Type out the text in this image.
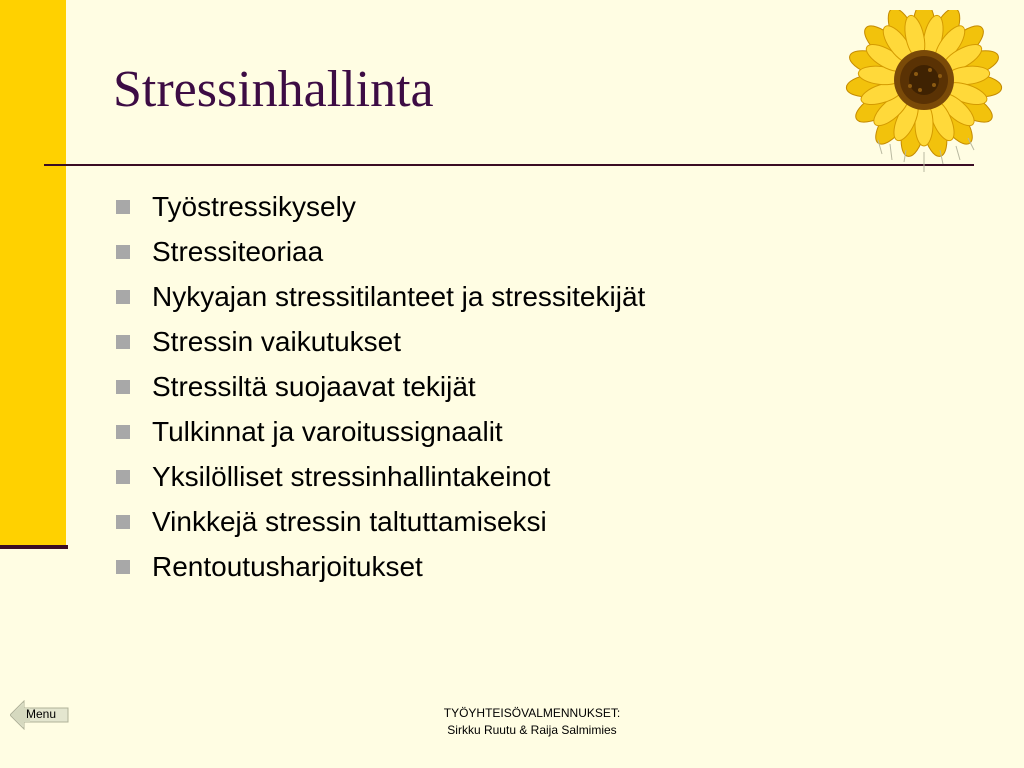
Stressinhallinta
Työstressikysely
Stressiteoriaa
Nykyajan stressitilanteet ja stressitekijät
Stressin vaikutukset
Stressiltä suojaavat tekijät
Tulkinnat ja varoitussignaalit
Yksilölliset stressinhallintakeinot
Vinkkejä stressin taltuttamiseksi
Rentoutusharjoitukset
Menu	TYÖYHTEISÖVALMENNUKSET:
Sirkku Ruutu & Raija Salmimies
